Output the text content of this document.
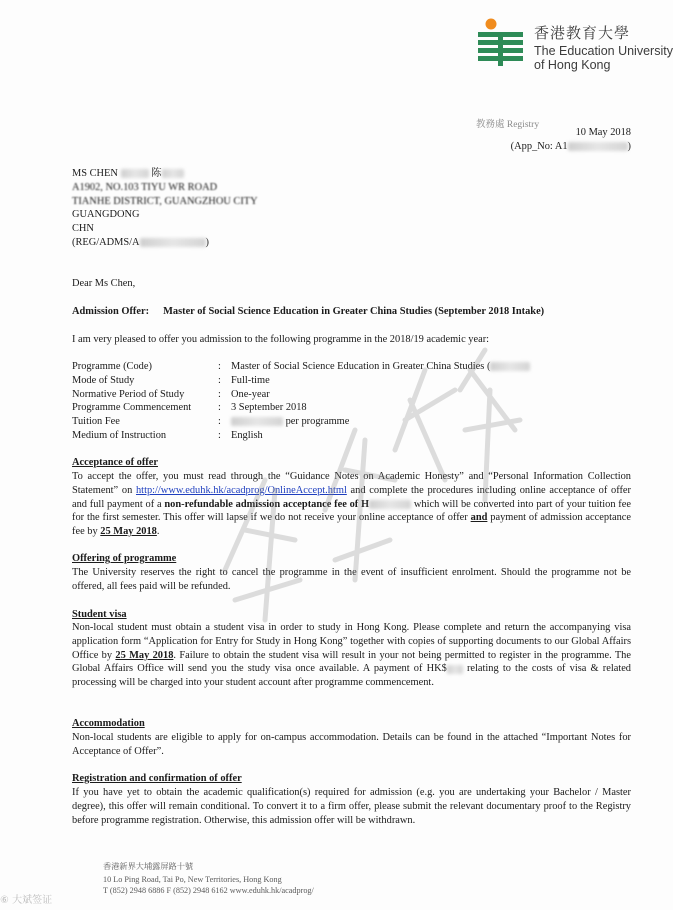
香港教育大學
The Education University
of Hong Kong
教務處 Registry
10 May 2018
(App_No: A1	)
MS CHEN	陈
A1902, NO.103 TIYU WR ROAD
TIANHE DISTRICT, GUANGZHOU CITY
GUANGDONG
CHN
(REG/ADMS/A	)
Dear Ms Chen,
Admission Offer: Master of Social Science Education in Greater China Studies (September 2018 Intake)
I am very pleased to offer you admission to the following programme in the 2018/19 academic year:
Programme (Code)	: Master of Social Science Education in Greater China Studies (
Mode of Study	: Full-time
Normative Period of Study	: One-year
Programme Commencement	: 3 September 2018
Tuition Fee	:	per programme
Medium of Instruction	: English
Acceptance of offer
To accept the offer, you must read through the “Guidance Notes on Academic Honesty” and “Personal Information Collection Statement” on http://www.eduhk.hk/acadprog/OnlineAccept.html and complete the procedures including online acceptance of offer and full payment of a non-refundable admission acceptance fee of H	which will be converted into part of your tuition fee for the first semester. This offer will lapse if we do not receive your online acceptance of offer and payment of admission acceptance fee by 25 May 2018.
Offering of programme
The University reserves the right to cancel the programme in the event of insufficient enrolment. Should the programme not be offered, all fees paid will be refunded.
Student visa
Non-local student must obtain a student visa in order to study in Hong Kong. Please complete and return the accompanying visa application form “Application for Entry for Study in Hong Kong” together with copies of supporting documents to our Global Affairs Office by 25 May 2018. Failure to obtain the student visa will result in your not being permitted to register in the programme. The Global Affairs Office will send you the study visa once available. A payment of HK$ relating to the costs of visa & related processing will be charged into your student account after programme commencement.
Accommodation
Non-local students are eligible to apply for on-campus accommodation. Details can be found in the attached “Important Notes for Acceptance of Offer”.
Registration and confirmation of offer
If you have yet to obtain the academic qualification(s) required for admission (e.g. you are undertaking your Bachelor / Master degree), this offer will remain conditional. To convert it to a firm offer, please submit the relevant documentary proof to the Registry before programme registration. Otherwise, this admission offer will be withdrawn.
香港新界大埔露屏路十號
10 Lo Ping Road, Tai Po, New Territories, Hong Kong
T (852) 2948 6886 F (852) 2948 6162 www.eduhk.hk/acadprog/
⑥ 大斌签证
